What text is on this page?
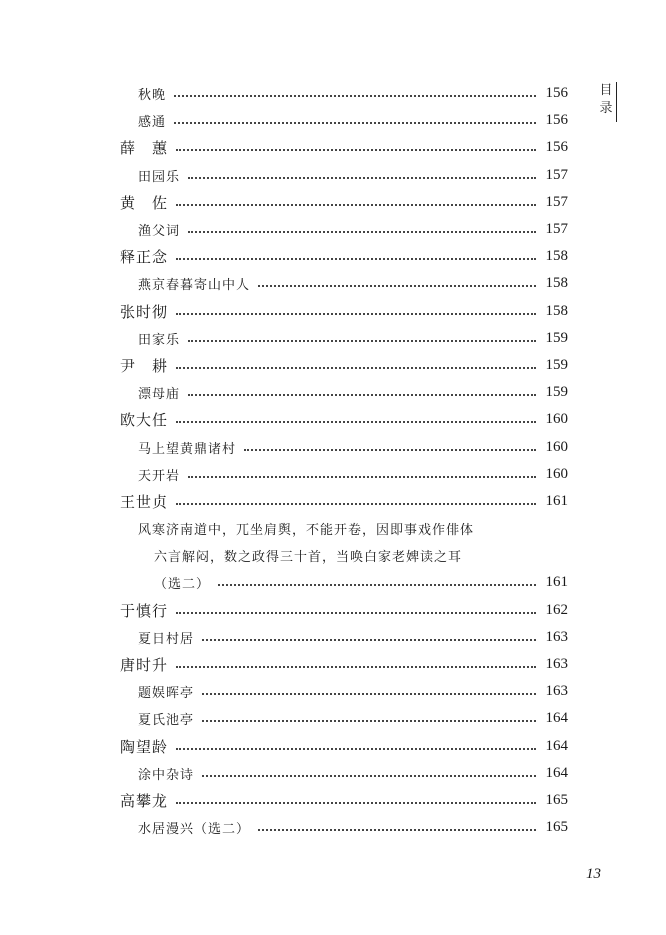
目
录
秋晚	156
感通	156
薛　蕙	156
田园乐	157
黄　佐	157
渔父词	157
释正念	158
燕京春暮寄山中人	158
张时彻	158
田家乐	159
尹　耕	159
漂母庙	159
欧大任	160
马上望黄鼎诸村	160
天开岩	160
王世贞	161
风寒济南道中，兀坐肩舆，不能开卷，因即事戏作俳体
六言解闷，数之政得三十首，当唤白家老婢读之耳
（选二）	161
于慎行	162
夏日村居	163
唐时升	163
题娱晖亭	163
夏氏池亭	164
陶望龄	164
涂中杂诗	164
高攀龙	165
水居漫兴（选二）	165
13
